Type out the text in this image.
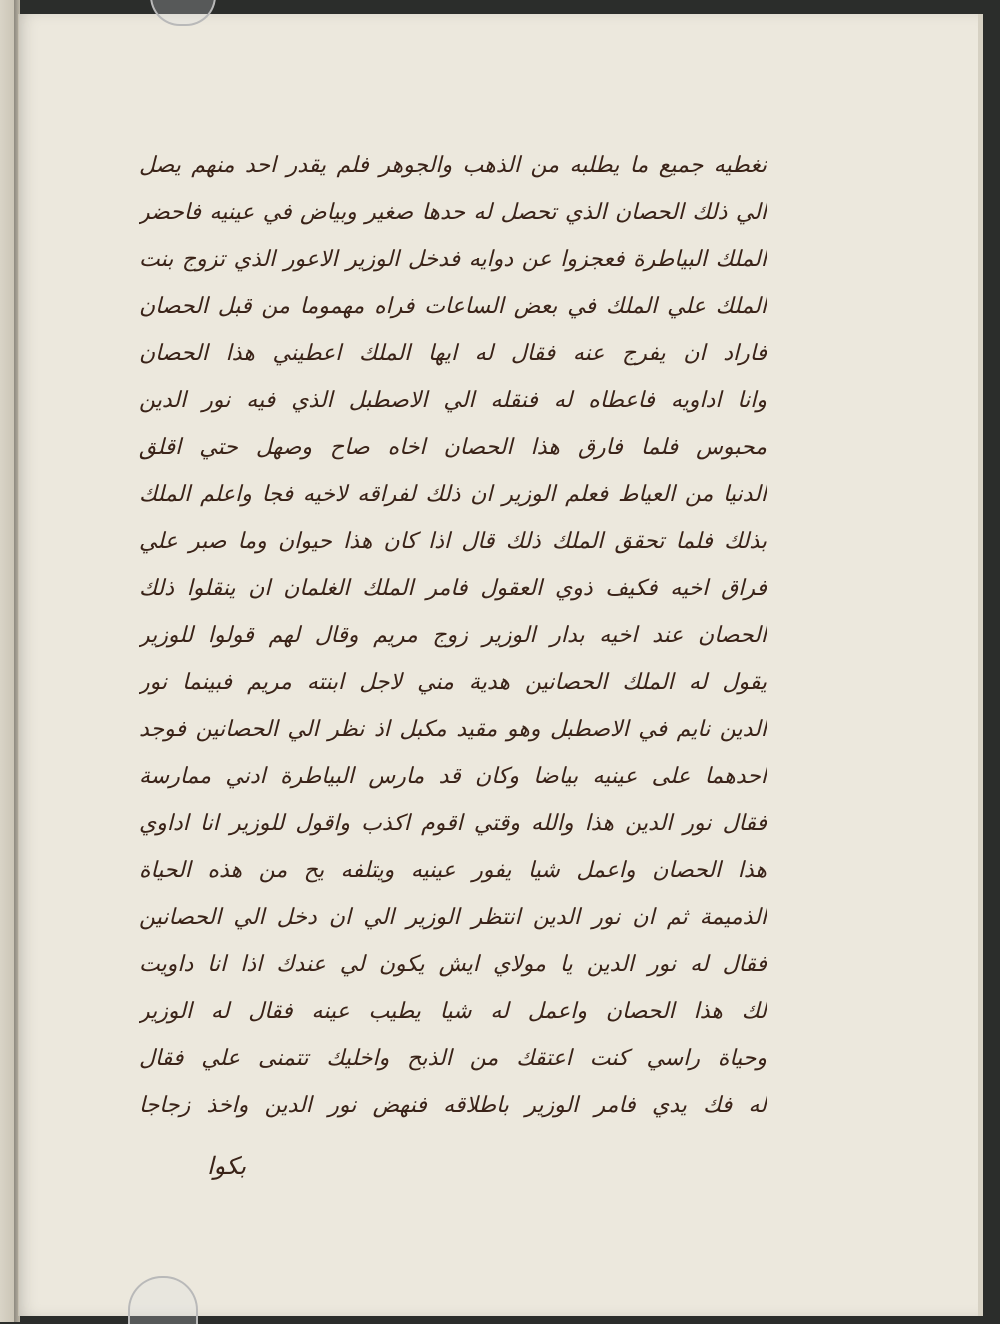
نغطيه جميع ما يطلبه من الذهب والجوهر فلم يقدر احد منهم يصل

الي ذلك الحصان الذي تحصل له حدها صغير وبياض في عينيه فاحضر

الملك البياطرة فعجزوا عن دوايه فدخل الوزير الاعور الذي تزوج بنت

الملك علي الملك في بعض الساعات فراه مهموما من قبل الحصان

فاراد ان يفرج عنه فقال له ايها الملك اعطيني هذا الحصان

وانا اداويه فاعطاه له فنقله الي الاصطبل الذي فيه نور الدين

محبوس فلما فارق هذا الحصان اخاه صاح وصهل حتي اقلق

الدنيا من العياط فعلم الوزير ان ذلك لفراقه لاخيه فجا واعلم الملك

بذلك فلما تحقق الملك ذلك قال اذا كان هذا حيوان وما صبر علي

فراق اخيه فكيف ذوي العقول فامر الملك الغلمان ان ينقلوا ذلك

الحصان عند اخيه بدار الوزير زوج مريم وقال لهم قولوا للوزير

يقول له الملك الحصانين هدية مني لاجل ابنته مريم فبينما نور

الدين نايم في الاصطبل وهو مقيد مكبل اذ نظر الي الحصانين فوجد

احدهما على عينيه بياضا وكان قد مارس البياطرة ادني ممارسة

فقال نور الدين هذا والله وقتي اقوم اكذب واقول للوزير انا اداوي

هذا الحصان واعمل شيا يفور عينيه ويتلفه يح من هذه الحياة

الذميمة ثم ان نور الدين انتظر الوزير الي ان دخل الي الحصانين

فقال له نور الدين يا مولاي ايش يكون لي عندك اذا انا داويت

لك هذا الحصان واعمل له شيا يطيب عينه فقال له الوزير

وحياة راسي كنت اعتقك من الذبح واخليك تتمنى علي فقال

له فك يدي فامر الوزير باطلاقه فنهض نور الدين واخذ زجاجا

بكوا
